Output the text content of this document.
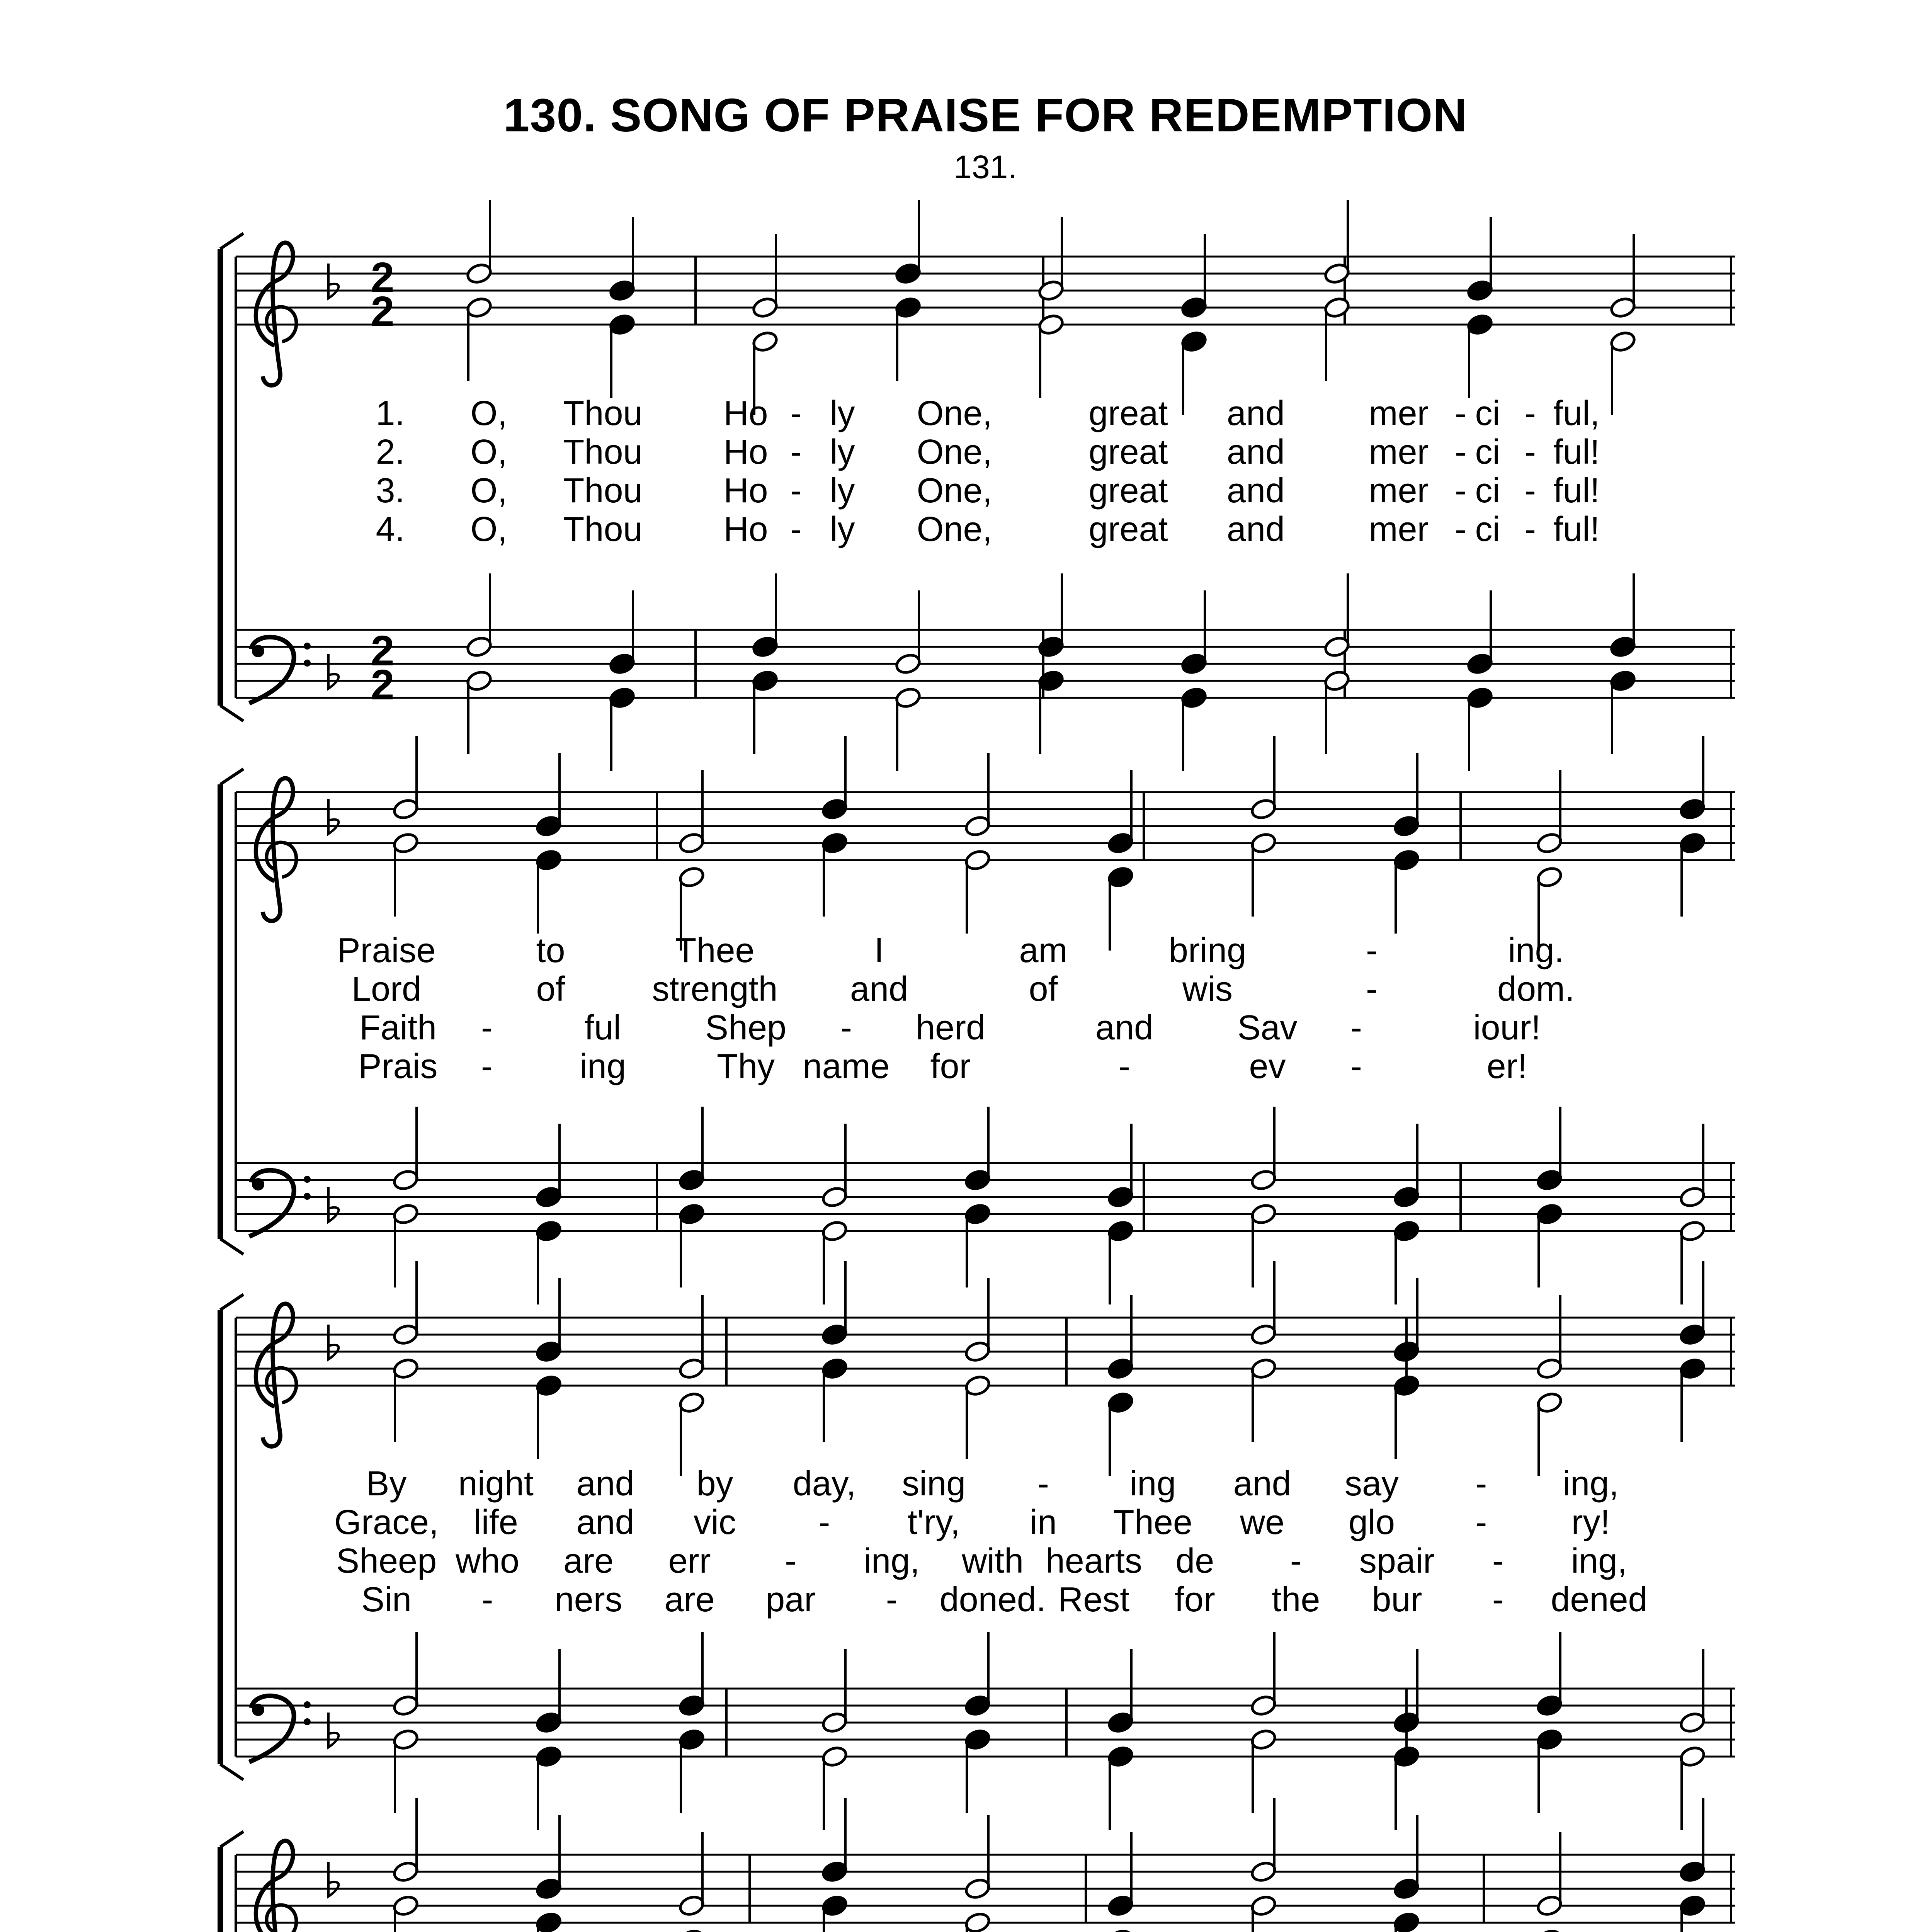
130. SONG OF PRAISE FOR REDEMPTION
131.
2
2
2
2
1. O, Thou Ho - ly One,	great and mer - ci - ful,
2. O, Thou Ho - ly One,	great and mer - ci - ful!
3. O, Thou Ho - ly One,	great and mer - ci - ful!
4. O, Thou Ho - ly One,	great and mer - ci - ful!
Praise	to	Thee	I	am	bring	-	ing.
Lord	of strength and	of	wis	-	dom.
Faith -	ful Shep - herd	and Sav -	iour!
Prais - ing	Thy name for	-	ev -	er!
By night and by day, sing - ing and say - ing,
Grace, life and vic - t'ry, in Thee we glo - ry!
Sheep who are err - ing, with hearts de - spair - ing,
Sin - ners are par - doned. Rest for the bur - dened
